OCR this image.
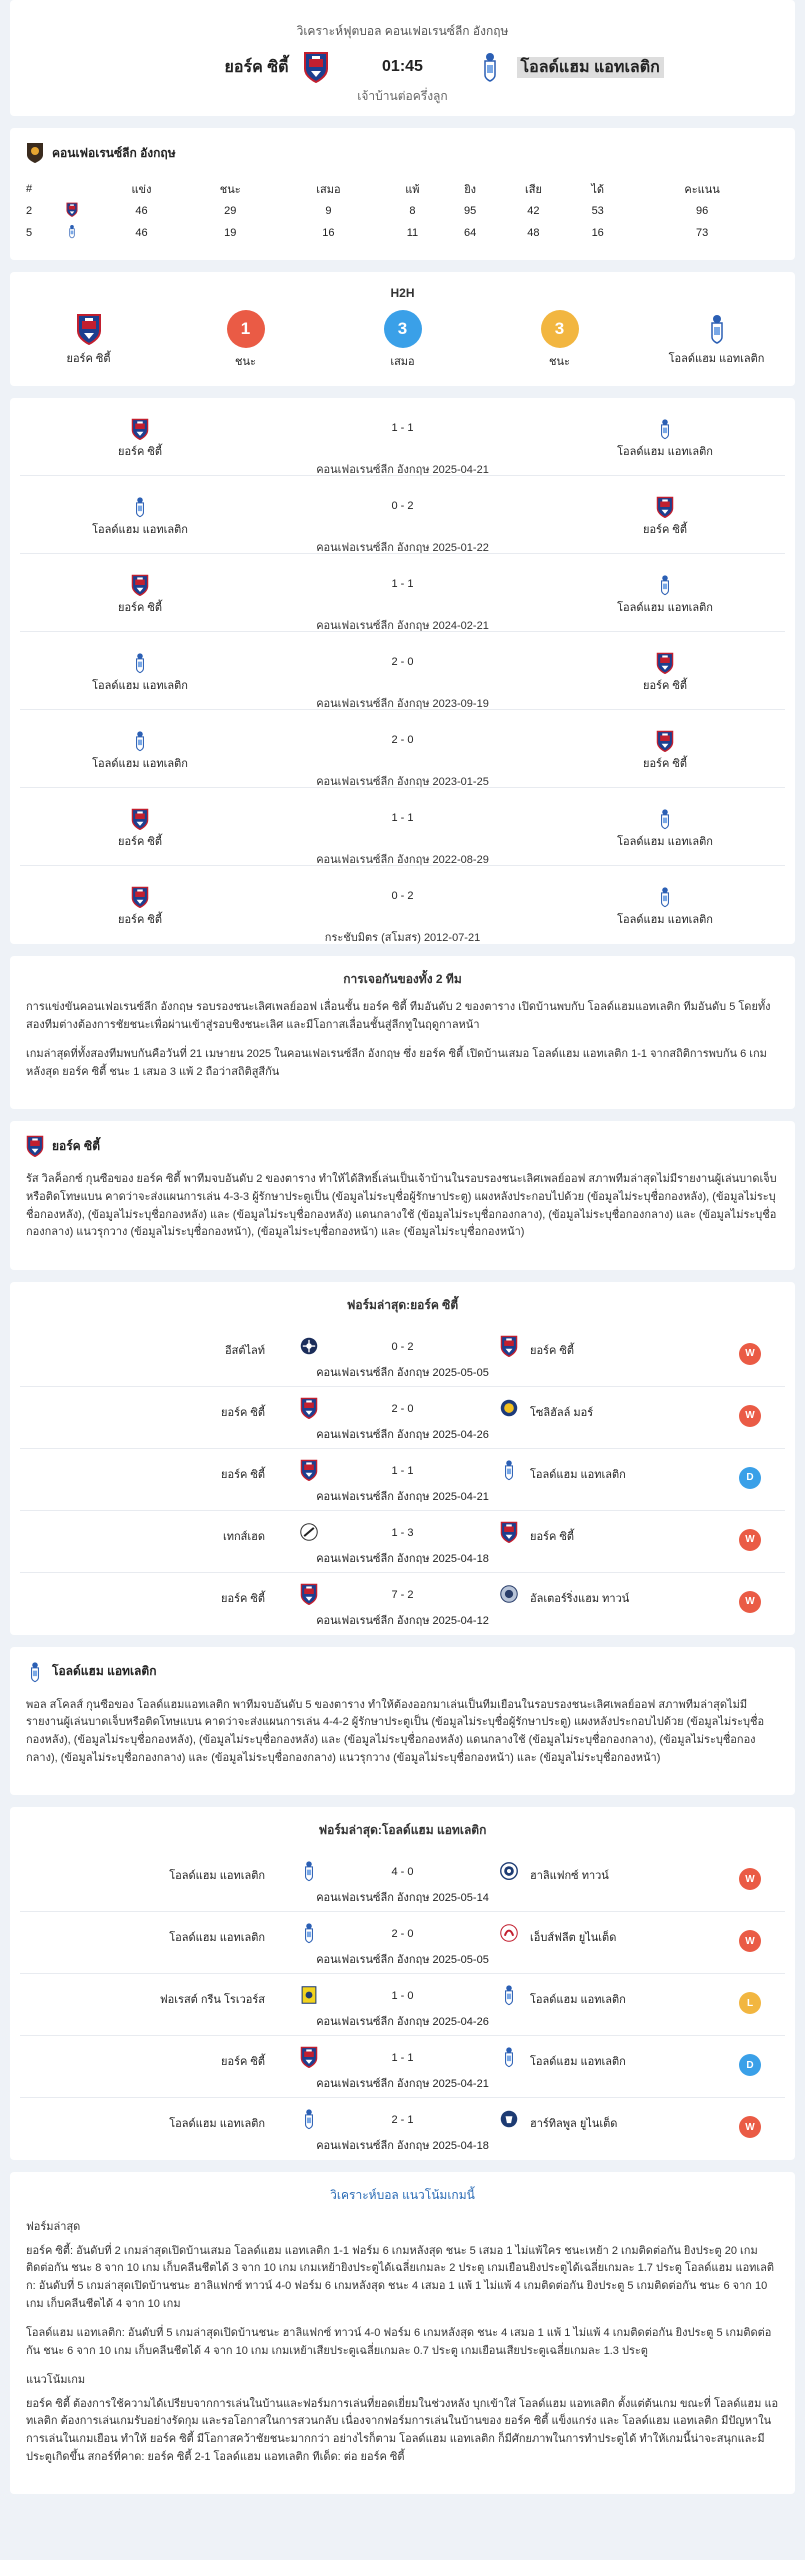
วิเคราะห์ฟุตบอล คอนเฟอเรนซ์ลีก อังกฤษ
ยอร์ค ซิตี้	01:45	โอลด์แฮม แอทเลติก
เจ้าบ้านต่อครึ่งลูก
คอนเฟอเรนซ์ลีก อังกฤษ
#		แข่ง	ชนะ	เสมอ	แพ้	ยิง	เสีย	ได้	คะแนน
2		46	29	9	8	95	42	53	96
5		46	19	16	11	64	48	16	73
H2H
ยอร์ค ซิตี้
1
ชนะ
3
เสมอ
3
ชนะ	โอลด์แฮม แอทเลติก
ยอร์ค ซิตี้
1 - 1
โอลด์แฮม แอทเลติก
คอนเฟอเรนซ์ลีก อังกฤษ 2025-04-21
โอลด์แฮม แอทเลติก
0 - 2
ยอร์ค ซิตี้
คอนเฟอเรนซ์ลีก อังกฤษ 2025-01-22
ยอร์ค ซิตี้
1 - 1
โอลด์แฮม แอทเลติก
คอนเฟอเรนซ์ลีก อังกฤษ 2024-02-21
โอลด์แฮม แอทเลติก
2 - 0
ยอร์ค ซิตี้
คอนเฟอเรนซ์ลีก อังกฤษ 2023-09-19
โอลด์แฮม แอทเลติก
2 - 0
ยอร์ค ซิตี้
คอนเฟอเรนซ์ลีก อังกฤษ 2023-01-25
ยอร์ค ซิตี้
1 - 1
โอลด์แฮม แอทเลติก
คอนเฟอเรนซ์ลีก อังกฤษ 2022-08-29
ยอร์ค ซิตี้
0 - 2
โอลด์แฮม แอทเลติก
กระชับมิตร (สโมสร) 2012-07-21
การเจอกันของทั้ง 2 ทีม

การแข่งขันคอนเฟอเรนซ์ลีก อังกฤษ รอบรองชนะเลิศเพลย์ออฟ เลื่อนชั้น ยอร์ค ซิตี้ ทีมอันดับ 2 ของตาราง เปิดบ้านพบกับ โอลด์แฮมแอทเลติก ทีมอันดับ 5 โดยทั้งสองทีมต่างต้องการชัยชนะเพื่อผ่านเข้าสู่รอบชิงชนะเลิศ และมีโอกาสเลื่อนชั้นสู่ลีกทูในฤดูกาลหน้า

เกมล่าสุดที่ทั้งสองทีมพบกันคือวันที่ 21 เมษายน 2025 ในคอนเฟอเรนซ์ลีก อังกฤษ ซึ่ง ยอร์ค ซิตี้ เปิดบ้านเสมอ โอลด์แฮม แอทเลติก 1-1 จากสถิติการพบกัน 6 เกมหลังสุด ยอร์ค ซิตี้ ชนะ 1 เสมอ 3 แพ้ 2 ถือว่าสถิติสูสีกัน

ยอร์ค ซิตี้

รัส วิลค็อกซ์ กุนซือของ ยอร์ค ซิตี้ พาทีมจบอันดับ 2 ของตาราง ทำให้ได้สิทธิ์เล่นเป็นเจ้าบ้านในรอบรองชนะเลิศเพลย์ออฟ สภาพทีมล่าสุดไม่มีรายงานผู้เล่นบาดเจ็บหรือติดโทษแบน คาดว่าจะส่งแผนการเล่น 4-3-3 ผู้รักษาประตูเป็น (ข้อมูลไม่ระบุชื่อผู้รักษาประตู) แผงหลังประกอบไปด้วย (ข้อมูลไม่ระบุชื่อกองหลัง), (ข้อมูลไม่ระบุชื่อกองหลัง), (ข้อมูลไม่ระบุชื่อกองหลัง) และ (ข้อมูลไม่ระบุชื่อกองหลัง) แดนกลางใช้ (ข้อมูลไม่ระบุชื่อกองกลาง), (ข้อมูลไม่ระบุชื่อกองกลาง) และ (ข้อมูลไม่ระบุชื่อกองกลาง) แนวรุกวาง (ข้อมูลไม่ระบุชื่อกองหน้า), (ข้อมูลไม่ระบุชื่อกองหน้า) และ (ข้อมูลไม่ระบุชื่อกองหน้า)

ฟอร์มล่าสุด:ยอร์ค ซิตี้
อีสต์ไลท์	0 - 2	ยอร์ค ซิตี้
คอนเฟอเรนซ์ลีก อังกฤษ 2025-05-05
W
ยอร์ค ซิตี้	2 - 0	โซลิฮัลล์ มอร์
คอนเฟอเรนซ์ลีก อังกฤษ 2025-04-26
W
ยอร์ค ซิตี้	1 - 1	โอลด์แฮม แอทเลติก
คอนเฟอเรนซ์ลีก อังกฤษ 2025-04-21
D
เทกส์เฮด	1 - 3	ยอร์ค ซิตี้
คอนเฟอเรนซ์ลีก อังกฤษ 2025-04-18
W
ยอร์ค ซิตี้	7 - 2	อัลเตอร์ริ่งแฮม ทาวน์
คอนเฟอเรนซ์ลีก อังกฤษ 2025-04-12
W
โอลด์แฮม แอทเลติก

พอล สโคลส์ กุนซือของ โอลด์แฮมแอทเลติก พาทีมจบอันดับ 5 ของตาราง ทำให้ต้องออกมาเล่นเป็นทีมเยือนในรอบรองชนะเลิศเพลย์ออฟ สภาพทีมล่าสุดไม่มีรายงานผู้เล่นบาดเจ็บหรือติดโทษแบน คาดว่าจะส่งแผนการเล่น 4-4-2 ผู้รักษาประตูเป็น (ข้อมูลไม่ระบุชื่อผู้รักษาประตู) แผงหลังประกอบไปด้วย (ข้อมูลไม่ระบุชื่อกองหลัง), (ข้อมูลไม่ระบุชื่อกองหลัง), (ข้อมูลไม่ระบุชื่อกองหลัง) และ (ข้อมูลไม่ระบุชื่อกองหลัง) แดนกลางใช้ (ข้อมูลไม่ระบุชื่อกองกลาง), (ข้อมูลไม่ระบุชื่อกองกลาง), (ข้อมูลไม่ระบุชื่อกองกลาง) และ (ข้อมูลไม่ระบุชื่อกองกลาง) แนวรุกวาง (ข้อมูลไม่ระบุชื่อกองหน้า) และ (ข้อมูลไม่ระบุชื่อกองหน้า)

ฟอร์มล่าสุด:โอลด์แฮม แอทเลติก
โอลด์แฮม แอทเลติก	4 - 0	ฮาลิแฟกซ์ ทาวน์
คอนเฟอเรนซ์ลีก อังกฤษ 2025-05-14
W
โอลด์แฮม แอทเลติก	2 - 0	เอ็บส์ฟลีต ยูไนเต็ด
คอนเฟอเรนซ์ลีก อังกฤษ 2025-05-05
W
ฟอเรสต์ กรีน โรเวอร์ส	1 - 0	โอลด์แฮม แอทเลติก
คอนเฟอเรนซ์ลีก อังกฤษ 2025-04-26
L
ยอร์ค ซิตี้	1 - 1	โอลด์แฮม แอทเลติก
คอนเฟอเรนซ์ลีก อังกฤษ 2025-04-21
D
โอลด์แฮม แอทเลติก	2 - 1	ฮาร์ทิลพูล ยูไนเต็ด
คอนเฟอเรนซ์ลีก อังกฤษ 2025-04-18
W
วิเคราะห์บอล แนวโน้มเกมนี้
ฟอร์มล่าสุด

ยอร์ค ซิตี้: อันดับที่ 2 เกมล่าสุดเปิดบ้านเสมอ โอลด์แฮม แอทเลติก 1-1 ฟอร์ม 6 เกมหลังสุด ชนะ 5 เสมอ 1 ไม่แพ้ใคร ชนะเหย้า 2 เกมติดต่อกัน ยิงประตู 20 เกมติดต่อกัน ชนะ 8 จาก 10 เกม เก็บคลีนชีตได้ 3 จาก 10 เกม เกมเหย้ายิงประตูได้เฉลี่ยเกมละ 2 ประตู เกมเยือนยิงประตูได้เฉลี่ยเกมละ 1.7 ประตู โอลด์แฮม แอทเลติก: อันดับที่ 5 เกมล่าสุดเปิดบ้านชนะ ฮาลิแฟกซ์ ทาวน์ 4-0 ฟอร์ม 6 เกมหลังสุด ชนะ 4 เสมอ 1 แพ้ 1 ไม่แพ้ 4 เกมติดต่อกัน ยิงประตู 5 เกมติดต่อกัน ชนะ 6 จาก 10 เกม เก็บคลีนชีตได้ 4 จาก 10 เกม

โอลด์แฮม แอทเลติก: อันดับที่ 5 เกมล่าสุดเปิดบ้านชนะ ฮาลิแฟกซ์ ทาวน์ 4-0 ฟอร์ม 6 เกมหลังสุด ชนะ 4 เสมอ 1 แพ้ 1 ไม่แพ้ 4 เกมติดต่อกัน ยิงประตู 5 เกมติดต่อกัน ชนะ 6 จาก 10 เกม เก็บคลีนชีตได้ 4 จาก 10 เกม เกมเหย้าเสียประตูเฉลี่ยเกมละ 0.7 ประตู เกมเยือนเสียประตูเฉลี่ยเกมละ 1.3 ประตู

แนวโน้มเกม

ยอร์ค ซิตี้ ต้องการใช้ความได้เปรียบจากการเล่นในบ้านและฟอร์มการเล่นที่ยอดเยี่ยมในช่วงหลัง บุกเข้าใส่ โอลด์แฮม แอทเลติก ตั้งแต่ต้นเกม ขณะที่ โอลด์แฮม แอทเลติก ต้องการเล่นเกมรับอย่างรัดกุม และรอโอกาสในการสวนกลับ เนื่องจากฟอร์มการเล่นในบ้านของ ยอร์ค ซิตี้ แข็งแกร่ง และ โอลด์แฮม แอทเลติก มีปัญหาในการเล่นในเกมเยือน ทำให้ ยอร์ค ซิตี้ มีโอกาสคว้าชัยชนะมากกว่า อย่างไรก็ตาม โอลด์แฮม แอทเลติก ก็มีศักยภาพในการทำประตูได้ ทำให้เกมนี้น่าจะสนุกและมีประตูเกิดขึ้น สกอร์ที่คาด: ยอร์ค ซิตี้ 2-1 โอลด์แฮม แอทเลติก ทีเด็ด: ต่อ ยอร์ค ซิตี้
